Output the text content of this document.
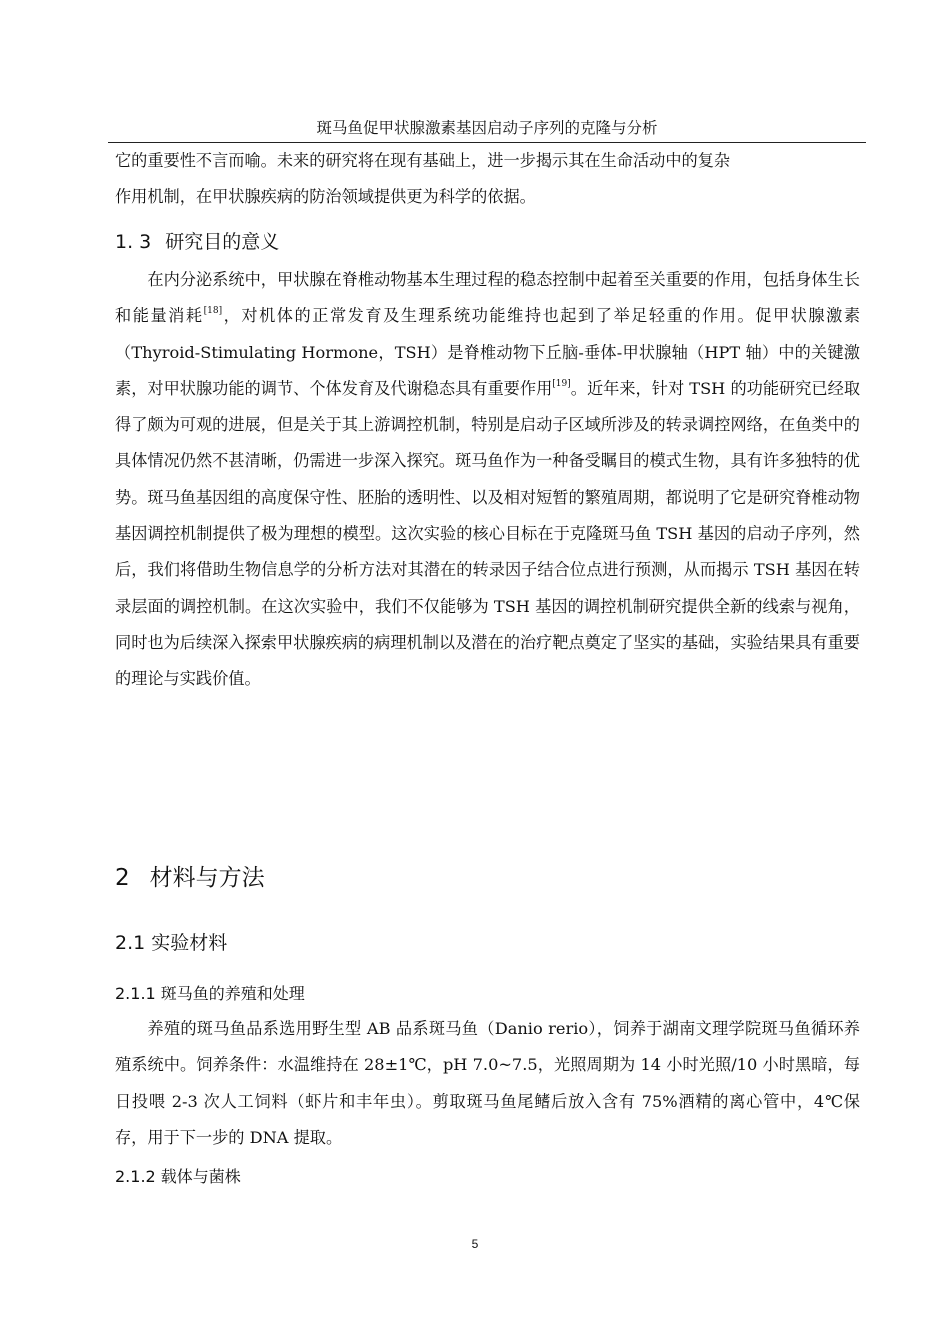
斑马鱼促甲状腺激素基因启动子序列的克隆与分析

它的重要性不言而喻。未来的研究将在现有基础上，进一步揭示其在生命活动中的复杂

作用机制，在甲状腺疾病的防治领域提供更为科学的依据。

1. 3 研究目的意义

在内分泌系统中，甲状腺在脊椎动物基本生理过程的稳态控制中起着至关重要的作用，包括身体生长和能量消耗[18]，对机体的正常发育及生理系统功能维持也起到了举足轻重的作用。促甲状腺激素（Thyroid-Stimulating Hormone，TSH）是脊椎动物下丘脑-垂体-甲状腺轴（HPT 轴）中的关键激素，对甲状腺功能的调节、个体发育及代谢稳态具有重要作用[19]。近年来，针对 TSH 的功能研究已经取得了颇为可观的进展，但是关于其上游调控机制，特别是启动子区域所涉及的转录调控网络，在鱼类中的具体情况仍然不甚清晰，仍需进一步深入探究。斑马鱼作为一种备受瞩目的模式生物，具有许多独特的优势。斑马鱼基因组的高度保守性、胚胎的透明性、以及相对短暂的繁殖周期，都说明了它是研究脊椎动物基因调控机制提供了极为理想的模型。这次实验的核心目标在于克隆斑马鱼 TSH 基因的启动子序列，然后，我们将借助生物信息学的分析方法对其潜在的转录因子结合位点进行预测，从而揭示 TSH 基因在转录层面的调控机制。在这次实验中，我们不仅能够为 TSH 基因的调控机制研究提供全新的线索与视角，同时也为后续深入探索甲状腺疾病的病理机制以及潜在的治疗靶点奠定了坚实的基础，实验结果具有重要的理论与实践价值。

2 材料与方法
2.1 实验材料
2.1.1 斑马鱼的养殖和处理

养殖的斑马鱼品系选用野生型 AB 品系斑马鱼（Danio rerio），饲养于湖南文理学院斑马鱼循环养殖系统中。饲养条件：水温维持在 28±1℃，pH 7.0~7.5，光照周期为 14 小时光照/10 小时黑暗，每日投喂 2-3 次人工饲料（虾片和丰年虫）。剪取斑马鱼尾鳍后放入含有 75%酒精的离心管中，4℃保存，用于下一步的 DNA 提取。

2.1.2 载体与菌株
5
